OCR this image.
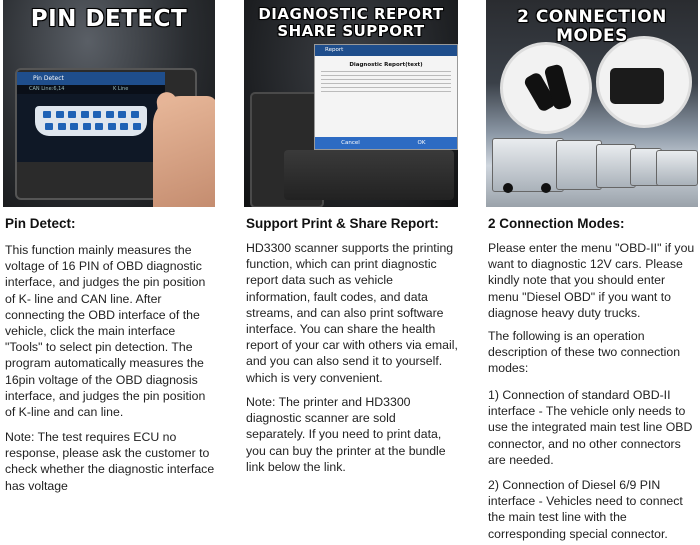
Pin Detect
CAN Line:6,14	K Line
PIN DETECT
Pin Detect:

This function mainly measures the voltage of 16 PIN of OBD diagnostic interface, and judges the pin position of K- line and CAN line. After connecting the OBD interface of the vehicle, click the main interface "Tools" to select pin detection. The program automatically measures the 16pin voltage of the OBD diagnosis interface, and judges the pin position of K-line and can line.

Note: The test requires ECU no response, please ask the customer to check whether the diagnostic interface has voltage

Report
Diagnostic Report(text)
Cancel	OK
DIAGNOSTIC REPORT
SHARE SUPPORT
Support Print & Share Report:

HD3300 scanner supports the printing function, which can print diagnostic report data such as vehicle information, fault codes, and data streams, and can also print software interface. You can share the health report of your car with others via email, and you can also send it to yourself. which is very convenient.

Note: The printer and HD3300 diagnostic scanner are sold separately. If you need to print data, you can buy the printer at the bundle link below the link.

2 CONNECTION
MODES
2 Connection Modes:

Please enter the menu "OBD-II" if you want to diagnostic 12V cars. Please kindly note that you should enter menu "Diesel OBD" if you want to diagnose heavy duty trucks.

The following is an operation description of these two connection modes:

1) Connection of standard OBD-II interface - The vehicle only needs to use the integrated main test line OBD connector, and no other connectors are needed.

2) Connection of Diesel 6/9 PIN interface - Vehicles need to connect the main test line with the corresponding special connector.
